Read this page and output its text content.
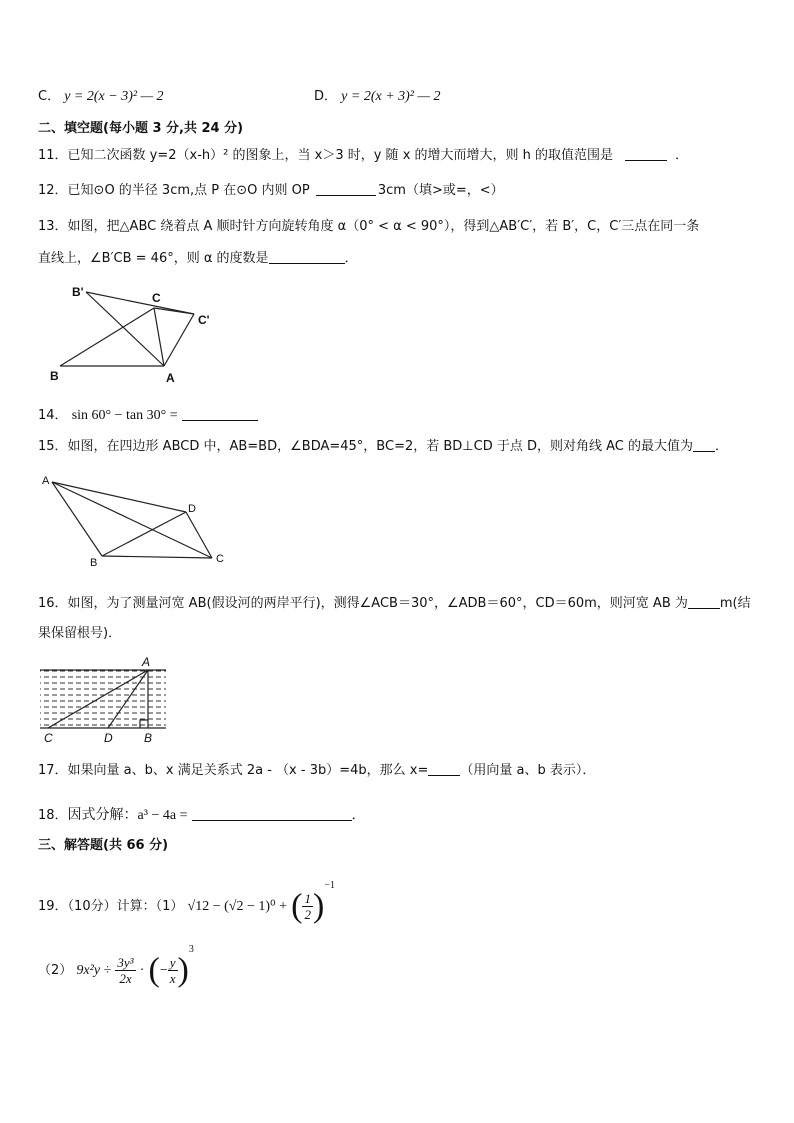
C． y = 2(x − 3)² — 2	D． y = 2(x + 3)² — 2
二、填空题(每小题 3 分,共 24 分)
11．已知二次函数 y=2（x-h）² 的图象上，当 x＞3 时，y 随 x 的增大而增大，则 h 的取值范围是	．
12．已知⊙O 的半径 3cm,点 P 在⊙O 内则 OP	3cm（填>或=，<）
13．如图，把△ABC 绕着点 A 顺时针方向旋转角度 α（0° < α < 90°），得到△AB′C′，若 B′，C，C′三点在同一条
直线上，∠B′CB = 46°，则 α 的度数是	．
B'	C
C'
B	A
14． sin 60° − tan 30° =
15．如图，在四边形 ABCD 中，AB=BD，∠BDA=45°，BC=2，若 BD⊥CD 于点 D，则对角线 AC 的最大值为 ．
A
D
B	C
16．如图，为了测量河宽 AB(假设河的两岸平行)，测得∠ACB＝30°，∠ADB＝60°，CD＝60m，则河宽 AB 为 m(结
果保留根号)．
A
C	D	B
17．如果向量 a、b、x 满足关系式 2a - （x - 3b）=4b，那么 x= （用向量 a、b 表示）．
18．因式分解：a³ − 4a =	．
三、解答题(共 66 分)
19．（10分）计算：（1） √12 − (√2 − 1)⁰ + ( $\frac{1}{2} )^{-1}$
（2） $9x^2y \div \frac{\text{3y³}}{2x}$ · (− $\frac{y}{x} )^3$
